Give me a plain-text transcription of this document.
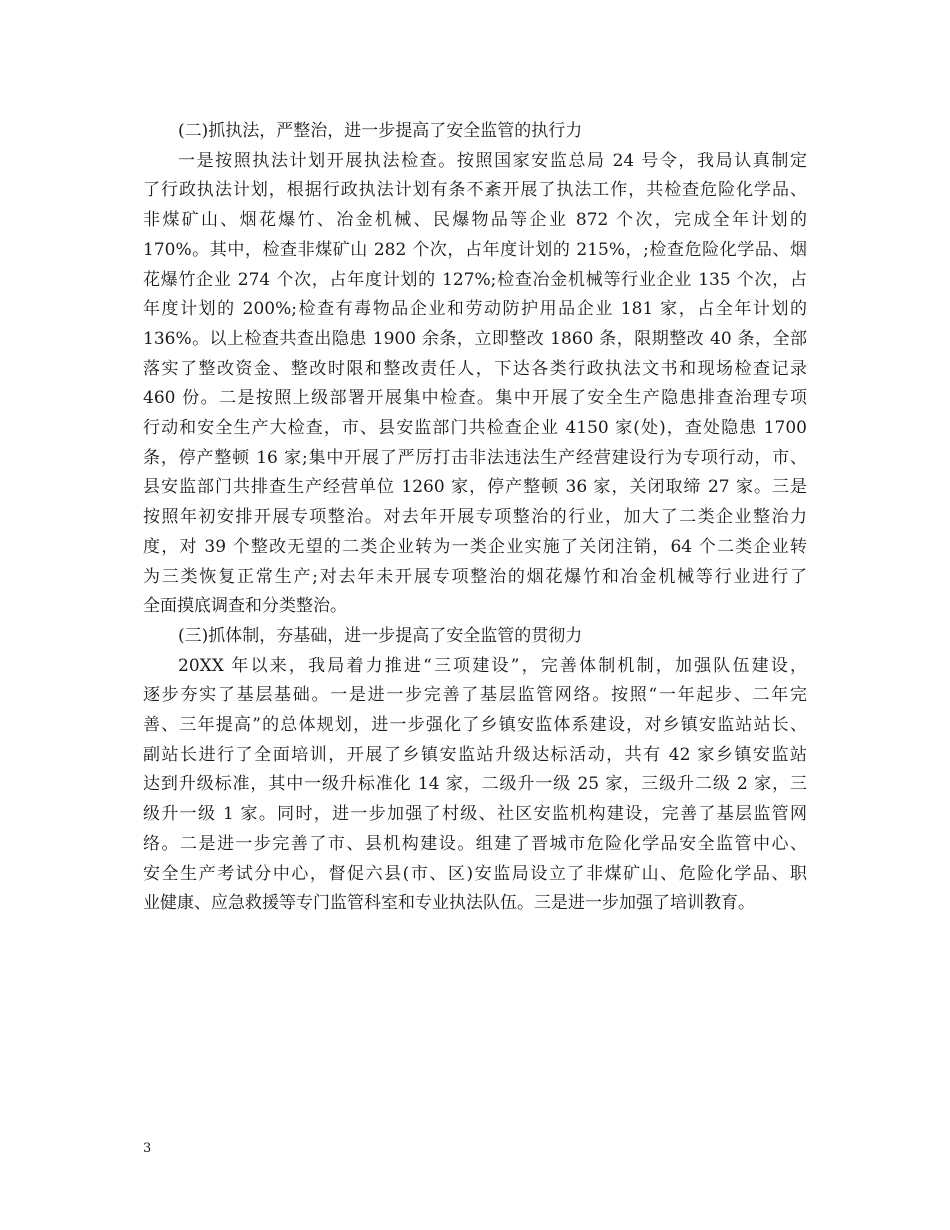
(二)抓执法，严整治，进一步提高了安全监管的执行力
一是按照执法计划开展执法检查。按照国家安监总局 24 号令，我局认真制定
了行政执法计划，根据行政执法计划有条不紊开展了执法工作，共检查危险化学品、
非煤矿山、烟花爆竹、冶金机械、民爆物品等企业 872 个次，完成全年计划的
170%。其中，检查非煤矿山 282 个次，占年度计划的 215%，;检查危险化学品、烟
花爆竹企业 274 个次，占年度计划的 127%;检查冶金机械等行业企业 135 个次，占
年度计划的 200%;检查有毒物品企业和劳动防护用品企业 181 家，占全年计划的
136%。以上检查共查出隐患 1900 余条，立即整改 1860 条，限期整改 40 条，全部
落实了整改资金、整改时限和整改责任人，下达各类行政执法文书和现场检查记录
460 份。二是按照上级部署开展集中检查。集中开展了安全生产隐患排查治理专项
行动和安全生产大检查，市、县安监部门共检查企业 4150 家(处)，查处隐患 1700
条，停产整顿 16 家;集中开展了严厉打击非法违法生产经营建设行为专项行动，市、
县安监部门共排查生产经营单位 1260 家，停产整顿 36 家，关闭取缔 27 家。三是
按照年初安排开展专项整治。对去年开展专项整治的行业，加大了二类企业整治力
度，对 39 个整改无望的二类企业转为一类企业实施了关闭注销，64 个二类企业转
为三类恢复正常生产;对去年未开展专项整治的烟花爆竹和冶金机械等行业进行了
全面摸底调查和分类整治。
(三)抓体制，夯基础，进一步提高了安全监管的贯彻力
20XX 年以来，我局着力推进“三项建设”，完善体制机制，加强队伍建设，
逐步夯实了基层基础。一是进一步完善了基层监管网络。按照“一年起步、二年完
善、三年提高”的总体规划，进一步强化了乡镇安监体系建设，对乡镇安监站站长、
副站长进行了全面培训，开展了乡镇安监站升级达标活动，共有 42 家乡镇安监站
达到升级标准，其中一级升标准化 14 家，二级升一级 25 家，三级升二级 2 家，三
级升一级 1 家。同时，进一步加强了村级、社区安监机构建设，完善了基层监管网
络。二是进一步完善了市、县机构建设。组建了晋城市危险化学品安全监管中心、
安全生产考试分中心，督促六县(市、区)安监局设立了非煤矿山、危险化学品、职
业健康、应急救援等专门监管科室和专业执法队伍。三是进一步加强了培训教育。
3
